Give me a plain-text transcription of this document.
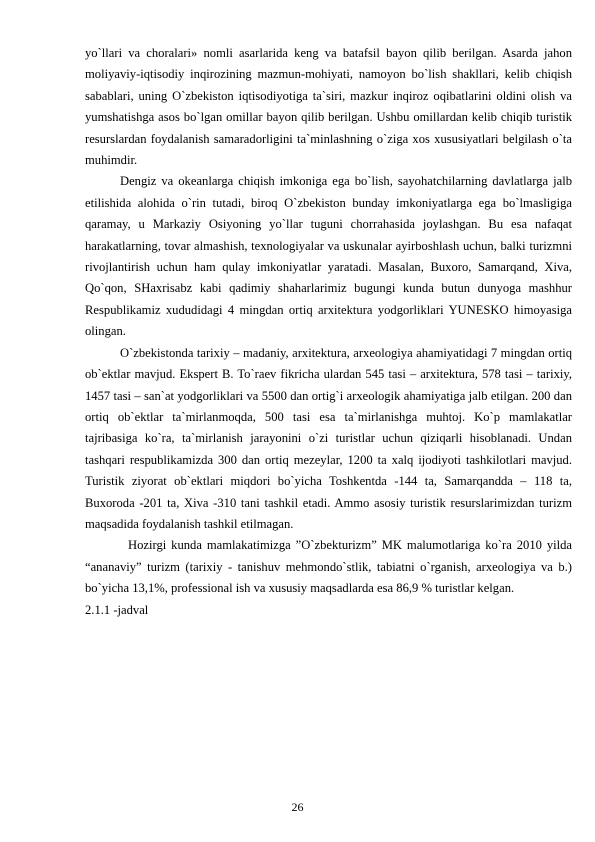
yo`llari va choralari» nomli asarlarida keng va batafsil bayon qilib berilgan. Asarda jahon moliyaviy-iqtisodiy inqirozining mazmun-mohiyati, namoyon bo`lish shakllari, kelib chiqish sabablari, uning O`zbekiston iqtisodiyotiga ta`siri, mazkur inqiroz oqibatlarini oldini olish va yumshatishga asos bo`lgan omillar bayon qilib berilgan. Ushbu omillardan kelib chiqib turistik resurslardan foydalanish samaradorligini ta`minlashning o`ziga xos xususiyatlari belgilash o`ta muhimdir.

Dengiz va okeanlarga chiqish imkoniga ega bo`lish, sayohatchilarning davlatlarga jalb etilishida alohida o`rin tutadi, biroq O`zbekiston bunday imkoniyatlarga ega bo`lmasligiga qaramay, u Markaziy Osiyoning yo`llar tuguni chorrahasida joylashgan. Bu esa nafaqat harakatlarning, tovar almashish, texnologiyalar va uskunalar ayirboshlash uchun, balki turizmni rivojlantirish uchun ham qulay imkoniyatlar yaratadi. Masalan, Buxoro, Samarqand, Xiva, Qo`qon, SHaxrisabz kabi qadimiy shaharlarimiz bugungi kunda butun dunyoga mashhur Respublikamiz xududidagi 4 mingdan ortiq arxitektura yodgorliklari YUNESKO himoyasiga olingan.

O`zbekistonda tarixiy – madaniy, arxitektura, arxeologiya ahamiyatidagi 7 mingdan ortiq ob`ektlar mavjud. Ekspert B. To`raev fikricha ulardan 545 tasi – arxitektura, 578 tasi – tarixiy, 1457 tasi – san`at yodgorliklari va 5500 dan ortig`i arxeologik ahamiyatiga jalb etilgan. 200 dan ortiq ob`ektlar ta`mirlanmoqda, 500 tasi esa ta`mirlanishga muhtoj. Ko`p mamlakatlar tajribasiga ko`ra, ta`mirlanish jarayonini o`zi turistlar uchun qiziqarli hisoblanadi. Undan tashqari respublikamizda 300 dan ortiq mezeylar, 1200 ta xalq ijodiyoti tashkilotlari mavjud. Turistik ziyorat ob`ektlari miqdori bo`yicha Toshkentda -144 ta, Samarqandda – 118 ta, Buxoroda -201 ta, Xiva -310 tani tashkil etadi. Ammo asosiy turistik resurslarimizdan turizm maqsadida foydalanish tashkil etilmagan.

Hozirgi kunda mamlakatimizga ”O`zbekturizm” MK malumotlariga ko`ra 2010 yilda “ananaviy” turizm (tarixiy - tanishuv mehmondo`stlik, tabiatni o`rganish, arxeologiya va b.) bo`yicha 13,1%, professional ish va xususiy maqsadlarda esa 86,9 % turistlar kelgan.

2.1.1 -jadval

26
